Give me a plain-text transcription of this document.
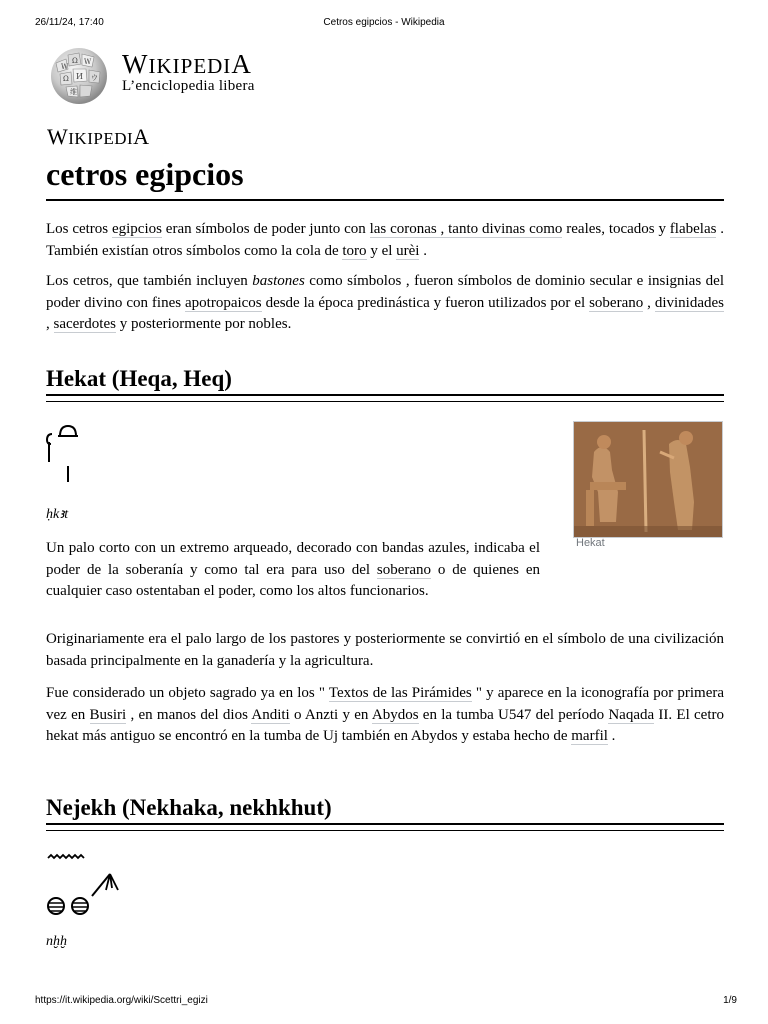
26/11/24, 17:40	Cetros egipcios - Wikipedia
W
Ω W
Ω И ウ
维
WIKIPEDIA
L’enciclopedia libera
WIKIPEDIA
cetros egipcios

Los cetros egipcios eran símbolos de poder junto con las coronas , tanto divinas como reales, tocados y flabelas . También existían otros símbolos como la cola de toro y el urèi .

Los cetros, que también incluyen bastones como símbolos , fueron símbolos de dominio secular e insignias del poder divino con fines apotropaicos desde la época predinástica y fueron utilizados por el soberano , divinidades , sacerdotes y posteriormente por nobles.

Hekat (Heqa, Heq)
ḥkꜣt
Hekat

Un palo corto con un extremo arqueado, decorado con bandas azules, indicaba el poder de la soberanía y como tal era para uso del soberano o de quienes en cualquier caso ostentaban el poder, como los altos funcionarios.

Originariamente era el palo largo de los pastores y posteriormente se convirtió en el símbolo de una civilización basada principalmente en la ganadería y la agricultura.

Fue considerado un objeto sagrado ya en los " Textos de las Pirámides " y aparece en la iconografía por primera vez en Busiri , en manos del dios Anditi o Anzti y en Abydos en la tumba U547 del período Naqada II. El cetro hekat más antiguo se encontró en la tumba de Uj también en Abydos y estaba hecho de marfil .

Nejekh (Nekhaka, nekhkhut)
nḫḫ
https://it.wikipedia.org/wiki/Scettri_egizi	1/9
